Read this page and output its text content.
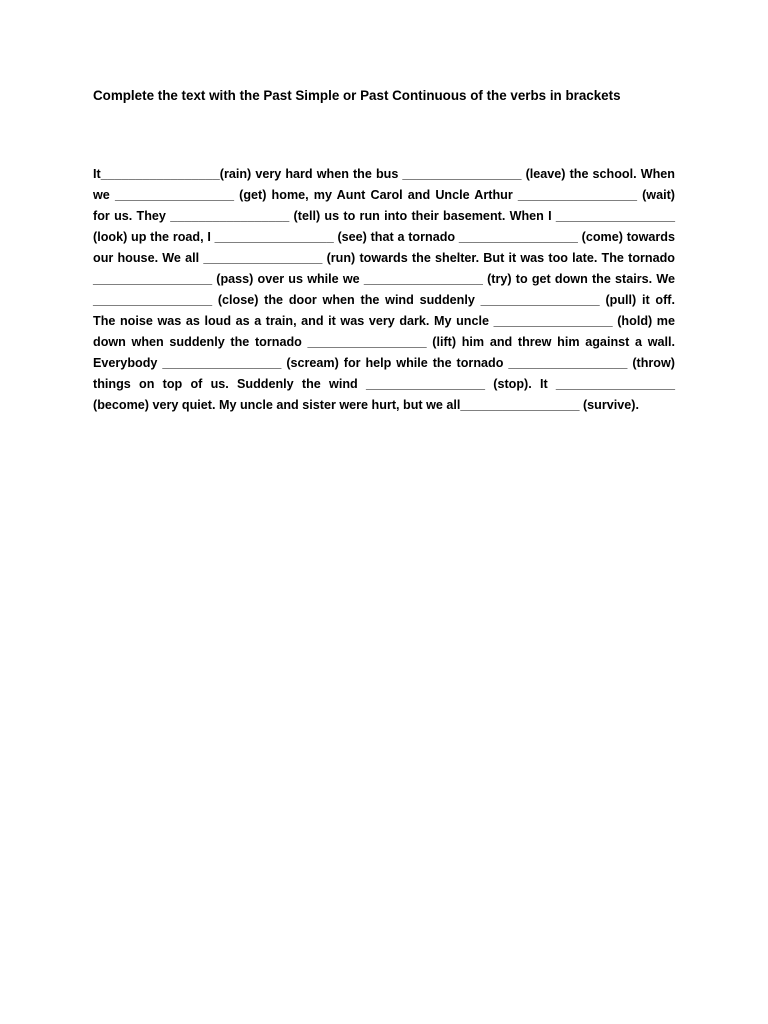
Complete the text with the Past Simple or Past Continuous of the verbs in brackets

It_________________(rain) very hard when the bus _________________ (leave) the school. When we _________________ (get) home, my Aunt Carol and Uncle Arthur _________________ (wait) for us. They _________________ (tell) us to run into their basement. When I _________________ (look) up the road, I _________________ (see) that a tornado _________________ (come) towards our house. We all _________________ (run) towards the shelter. But it was too late. The tornado _________________ (pass) over us while we _________________ (try) to get down the stairs. We _________________ (close) the door when the wind suddenly _________________ (pull) it off. The noise was as loud as a train, and it was very dark. My uncle _________________ (hold) me down when suddenly the tornado _________________ (lift) him and threw him against a wall. Everybody _________________ (scream) for help while the tornado _________________ (throw) things on top of us. Suddenly the wind _________________ (stop). It _________________ (become) very quiet. My uncle and sister were hurt, but we all_________________ (survive).
